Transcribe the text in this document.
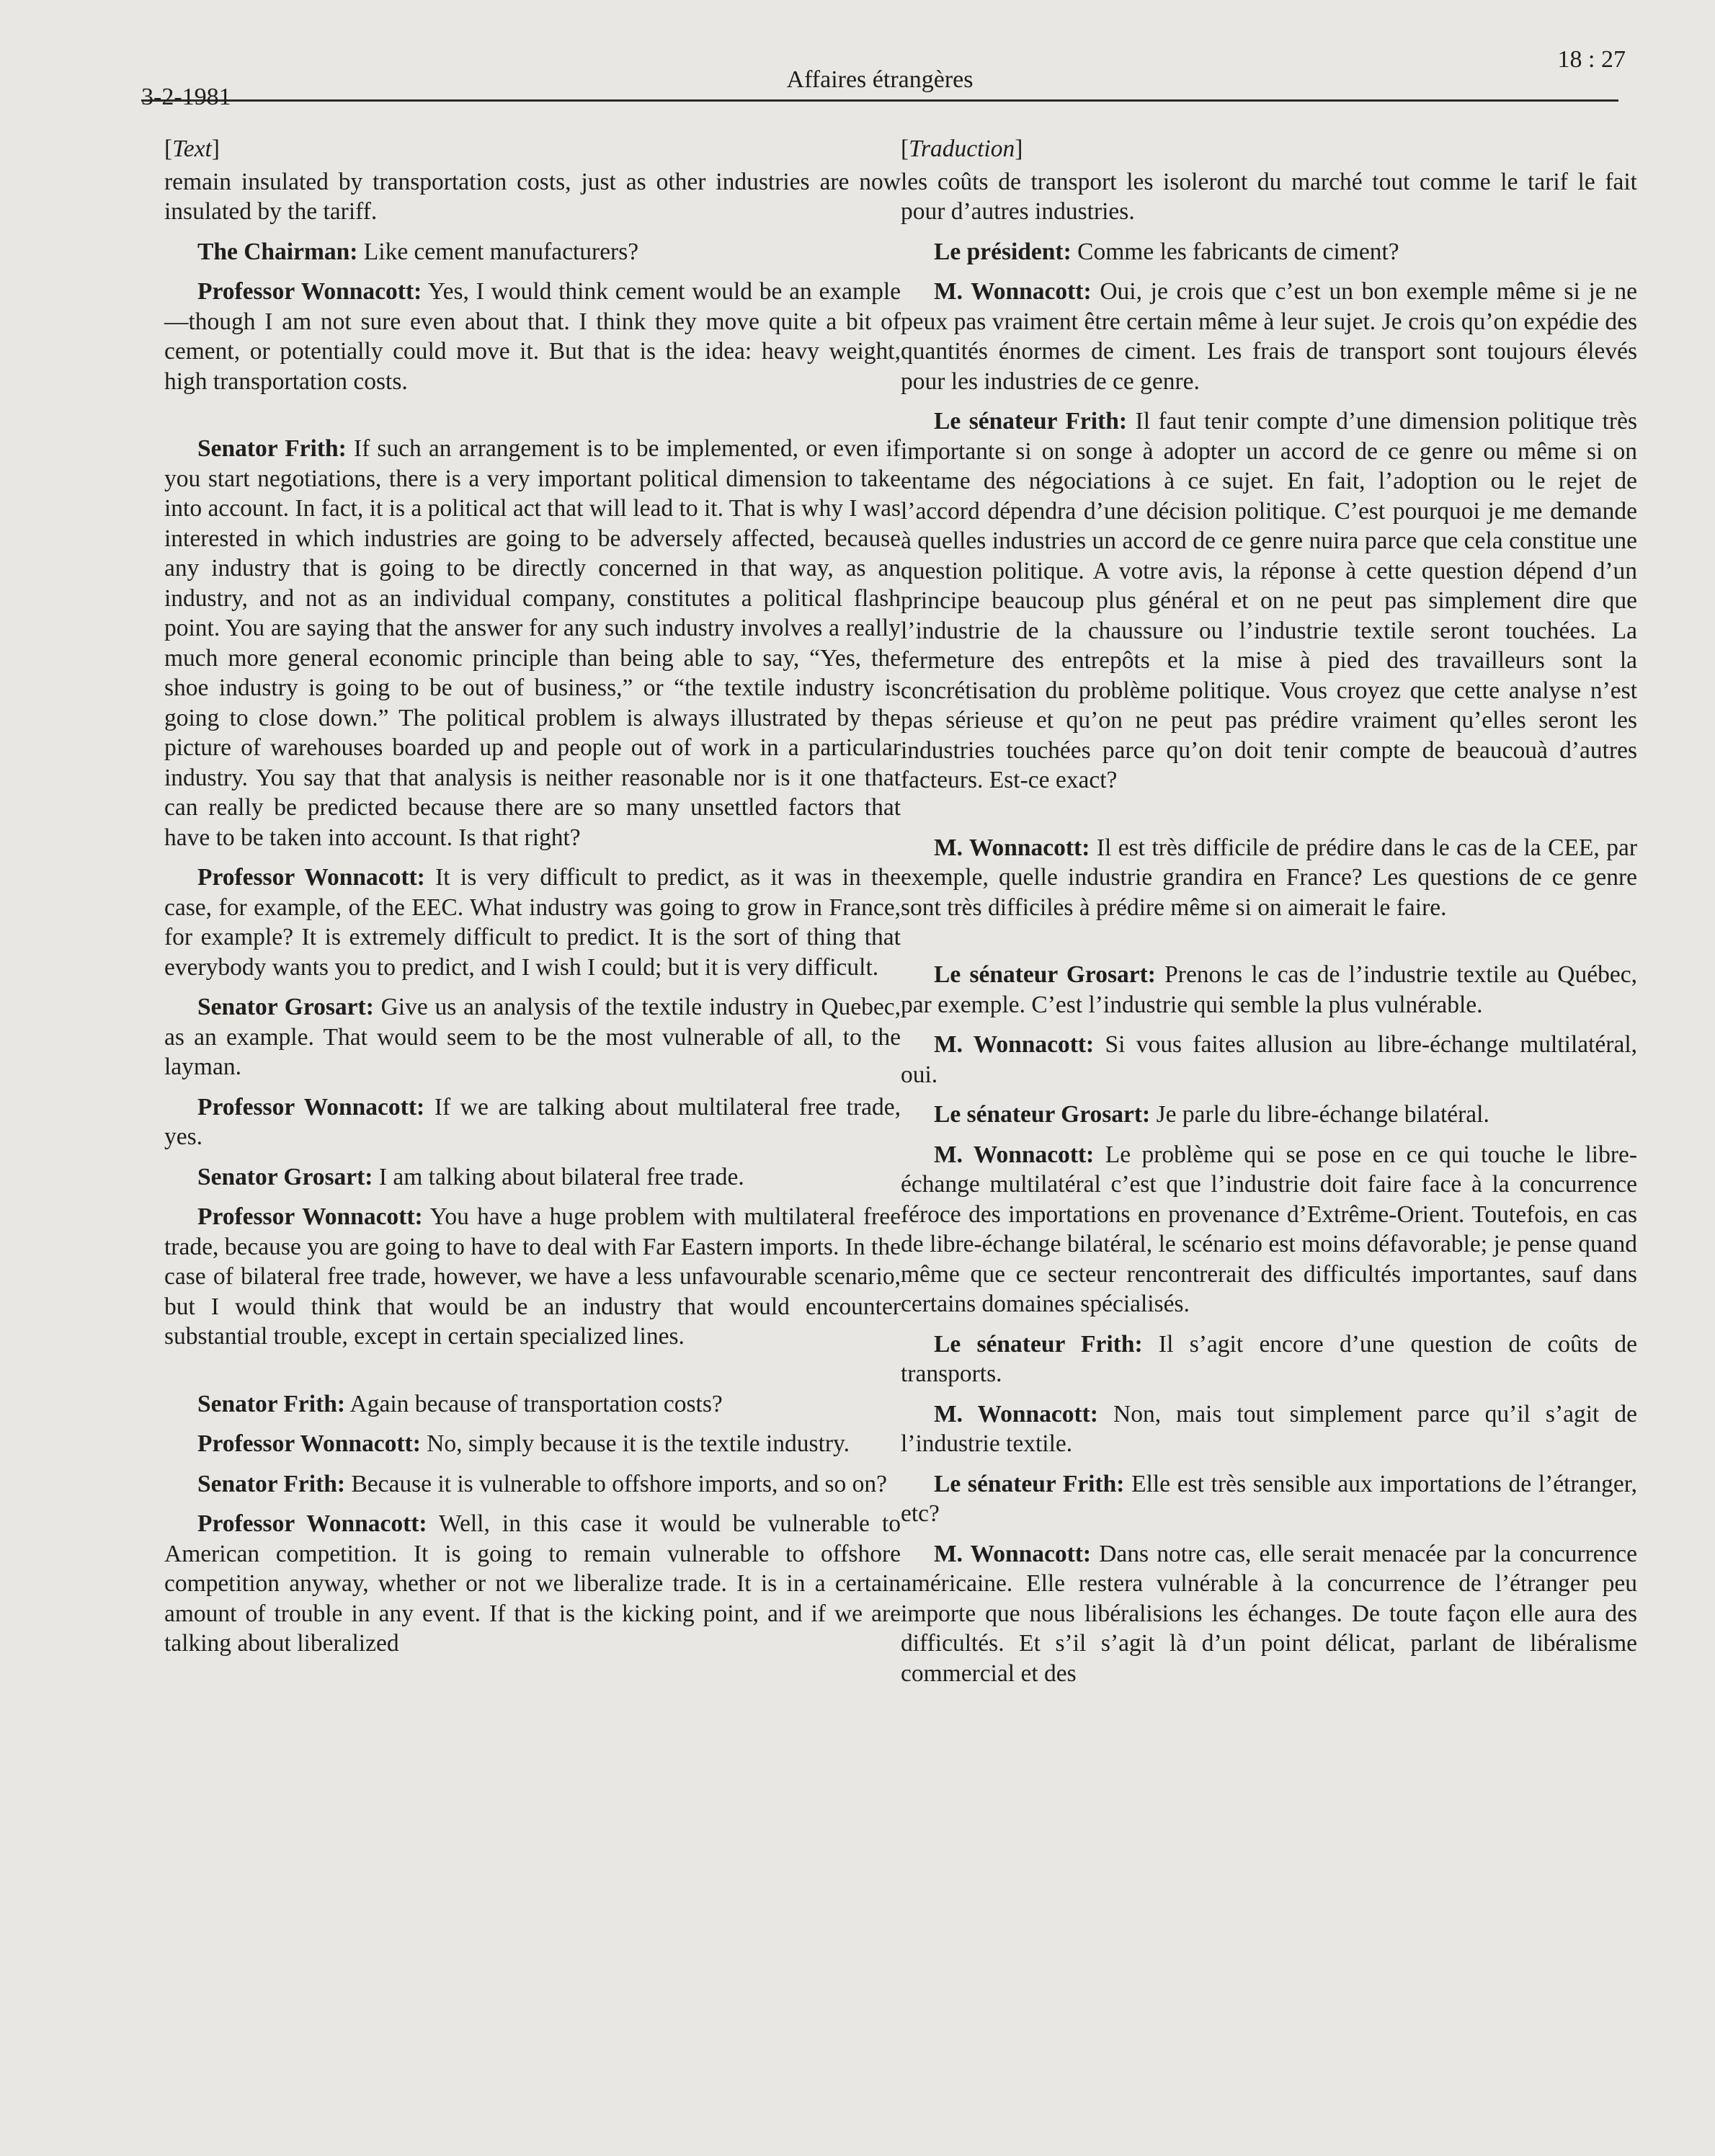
3-2-1981
Affaires étrangères
18 : 27
[Text]

remain insulated by transportation costs, just as other industries are now insulated by the tariff.

The Chairman: Like cement manufacturers?

Professor Wonnacott: Yes, I would think cement would be an example—though I am not sure even about that. I think they move quite a bit of cement, or potentially could move it. But that is the idea: heavy weight, high transportation costs.

Senator Frith: If such an arrangement is to be implemented, or even if you start negotiations, there is a very important political dimension to take into account. In fact, it is a political act that will lead to it. That is why I was interested in which industries are going to be adversely affected, because any industry that is going to be directly concerned in that way, as an industry, and not as an individual company, constitutes a political flash point. You are saying that the answer for any such industry involves a really much more general economic principle than being able to say, “Yes, the shoe industry is going to be out of business,” or “the textile industry is going to close down.” The political problem is always illustrated by the picture of warehouses boarded up and people out of work in a particular industry. You say that that analysis is neither reasonable nor is it one that can really be predicted because there are so many unsettled factors that have to be taken into account. Is that right?

Professor Wonnacott: It is very difficult to predict, as it was in the case, for example, of the EEC. What industry was going to grow in France, for example? It is extremely difficult to predict. It is the sort of thing that everybody wants you to predict, and I wish I could; but it is very difficult.

Senator Grosart: Give us an analysis of the textile industry in Quebec, as an example. That would seem to be the most vulnerable of all, to the layman.

Professor Wonnacott: If we are talking about multilateral free trade, yes.

Senator Grosart: I am talking about bilateral free trade.

Professor Wonnacott: You have a huge problem with multilateral free trade, because you are going to have to deal with Far Eastern imports. In the case of bilateral free trade, however, we have a less unfavourable scenario, but I would think that would be an industry that would encounter substantial trouble, except in certain specialized lines.

Senator Frith: Again because of transportation costs?

Professor Wonnacott: No, simply because it is the textile industry.

Senator Frith: Because it is vulnerable to offshore imports, and so on?

Professor Wonnacott: Well, in this case it would be vulnerable to American competition. It is going to remain vulnerable to offshore competition anyway, whether or not we liberalize trade. It is in a certain amount of trouble in any event. If that is the kicking point, and if we are talking about liberalized

[Traduction]

les coûts de transport les isoleront du marché tout comme le tarif le fait pour d’autres industries.

Le président: Comme les fabricants de ciment?

M. Wonnacott: Oui, je crois que c’est un bon exemple même si je ne peux pas vraiment être certain même à leur sujet. Je crois qu’on expédie des quantités énormes de ciment. Les frais de transport sont toujours élevés pour les industries de ce genre.

Le sénateur Frith: Il faut tenir compte d’une dimension politique très importante si on songe à adopter un accord de ce genre ou même si on entame des négociations à ce sujet. En fait, l’adoption ou le rejet de l’accord dépendra d’une décision politique. C’est pourquoi je me demande à quelles industries un accord de ce genre nuira parce que cela constitue une question politique. A votre avis, la réponse à cette question dépend d’un principe beaucoup plus général et on ne peut pas simplement dire que l’industrie de la chaussure ou l’industrie textile seront touchées. La fermeture des entrepôts et la mise à pied des travailleurs sont la concrétisation du problème politique. Vous croyez que cette analyse n’est pas sérieuse et qu’on ne peut pas prédire vraiment qu’elles seront les industries touchées parce qu’on doit tenir compte de beaucouà d’autres facteurs. Est-ce exact?

M. Wonnacott: Il est très difficile de prédire dans le cas de la CEE, par exemple, quelle industrie grandira en France? Les questions de ce genre sont très difficiles à prédire même si on aimerait le faire.

Le sénateur Grosart: Prenons le cas de l’industrie textile au Québec, par exemple. C’est l’industrie qui semble la plus vulnérable.

M. Wonnacott: Si vous faites allusion au libre-échange multilatéral, oui.

Le sénateur Grosart: Je parle du libre-échange bilatéral.

M. Wonnacott: Le problème qui se pose en ce qui touche le libre-échange multilatéral c’est que l’industrie doit faire face à la concurrence féroce des importations en provenance d’Extrême-Orient. Toutefois, en cas de libre-échange bilatéral, le scénario est moins défavorable; je pense quand même que ce secteur rencontrerait des difficultés importantes, sauf dans certains domaines spécialisés.

Le sénateur Frith: Il s’agit encore d’une question de coûts de transports.

M. Wonnacott: Non, mais tout simplement parce qu’il s’agit de l’industrie textile.

Le sénateur Frith: Elle est très sensible aux importations de l’étranger, etc?

M. Wonnacott: Dans notre cas, elle serait menacée par la concurrence américaine. Elle restera vulnérable à la concurrence de l’étranger peu importe que nous libéralisions les échanges. De toute façon elle aura des difficultés. Et s’il s’agit là d’un point délicat, parlant de libéralisme commercial et des
